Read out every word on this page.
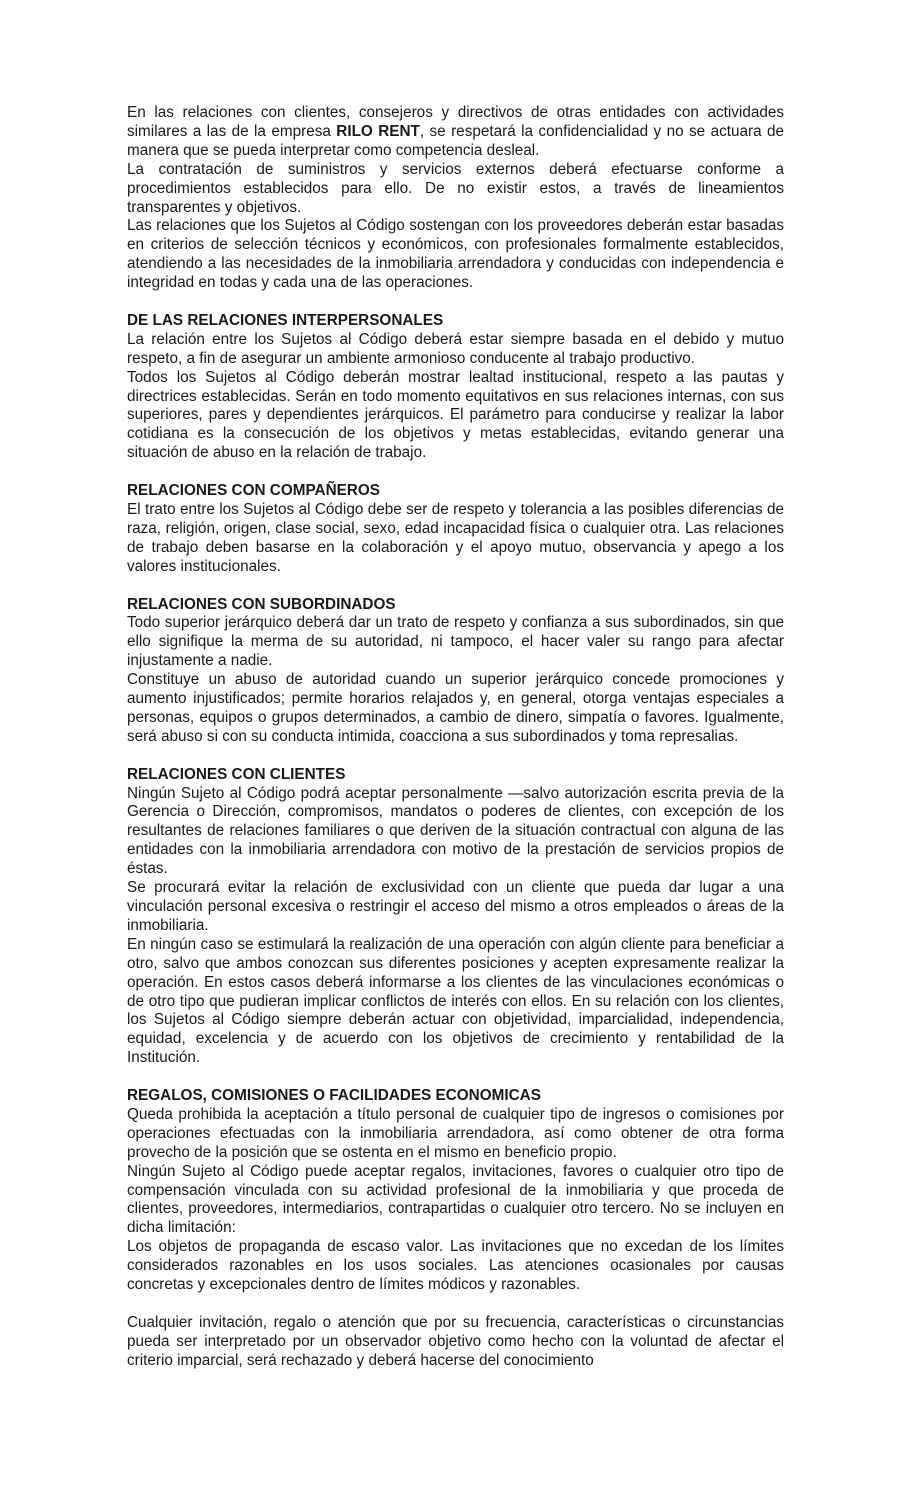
En las relaciones con clientes, consejeros y directivos de otras entidades con actividades similares a las de la empresa RILO RENT, se respetará la confidencialidad y no se actuara de manera que se pueda interpretar como competencia desleal.

La contratación de suministros y servicios externos deberá efectuarse conforme a procedimientos establecidos para ello. De no existir estos, a través de lineamientos transparentes y objetivos.

Las relaciones que los Sujetos al Código sostengan con los proveedores deberán estar basadas en criterios de selección técnicos y económicos, con profesionales formalmente establecidos, atendiendo a las necesidades de la inmobiliaria arrendadora y conducidas con independencia e integridad en todas y cada una de las operaciones.

DE LAS RELACIONES INTERPERSONALES

La relación entre los Sujetos al Código deberá estar siempre basada en el debido y mutuo respeto, a fin de asegurar un ambiente armonioso conducente al trabajo productivo.

Todos los Sujetos al Código deberán mostrar lealtad institucional, respeto a las pautas y directrices establecidas. Serán en todo momento equitativos en sus relaciones internas, con sus superiores, pares y dependientes jerárquicos. El parámetro para conducirse y realizar la labor cotidiana es la consecución de los objetivos y metas establecidas, evitando generar una situación de abuso en la relación de trabajo.

RELACIONES CON COMPAÑEROS

El trato entre los Sujetos al Código debe ser de respeto y tolerancia a las posibles diferencias de raza, religión, origen, clase social, sexo, edad incapacidad física o cualquier otra. Las relaciones de trabajo deben basarse en la colaboración y el apoyo mutuo, observancia y apego a los valores institucionales.

RELACIONES CON SUBORDINADOS

Todo superior jerárquico deberá dar un trato de respeto y confianza a sus subordinados, sin que ello signifique la merma de su autoridad, ni tampoco, el hacer valer su rango para afectar injustamente a nadie.

Constituye un abuso de autoridad cuando un superior jerárquico concede promociones y aumento injustificados; permite horarios relajados y, en general, otorga ventajas especiales a personas, equipos o grupos determinados, a cambio de dinero, simpatía o favores. Igualmente, será abuso si con su conducta intimida, coacciona a sus subordinados y toma represalias.

RELACIONES CON CLIENTES

Ningún Sujeto al Código podrá aceptar personalmente —salvo autorización escrita previa de la Gerencia o Dirección, compromisos, mandatos o poderes de clientes, con excepción de los resultantes de relaciones familiares o que deriven de la situación contractual con alguna de las entidades con la inmobiliaria arrendadora con motivo de la prestación de servicios propios de éstas.

Se procurará evitar la relación de exclusividad con un cliente que pueda dar lugar a una vinculación personal excesiva o restringir el acceso del mismo a otros empleados o áreas de la inmobiliaria.

En ningún caso se estimulará la realización de una operación con algún cliente para beneficiar a otro, salvo que ambos conozcan sus diferentes posiciones y acepten expresamente realizar la operación. En estos casos deberá informarse a los clientes de las vinculaciones económicas o de otro tipo que pudieran implicar conflictos de interés con ellos. En su relación con los clientes, los Sujetos al Código siempre deberán actuar con objetividad, imparcialidad, independencia, equidad, excelencia y de acuerdo con los objetivos de crecimiento y rentabilidad de la Institución.

REGALOS, COMISIONES O FACILIDADES ECONOMICAS

Queda prohibida la aceptación a título personal de cualquier tipo de ingresos o comisiones por operaciones efectuadas con la inmobiliaria arrendadora, así como obtener de otra forma provecho de la posición que se ostenta en el mismo en beneficio propio.

Ningún Sujeto al Código puede aceptar regalos, invitaciones, favores o cualquier otro tipo de compensación vinculada con su actividad profesional de la inmobiliaria y que proceda de clientes, proveedores, intermediarios, contrapartidas o cualquier otro tercero. No se incluyen en dicha limitación:

Los objetos de propaganda de escaso valor. Las invitaciones que no excedan de los límites considerados razonables en los usos sociales. Las atenciones ocasionales por causas concretas y excepcionales dentro de límites módicos y razonables.

Cualquier invitación, regalo o atención que por su frecuencia, características o circunstancias pueda ser interpretado por un observador objetivo como hecho con la voluntad de afectar el criterio imparcial, será rechazado y deberá hacerse del conocimiento
